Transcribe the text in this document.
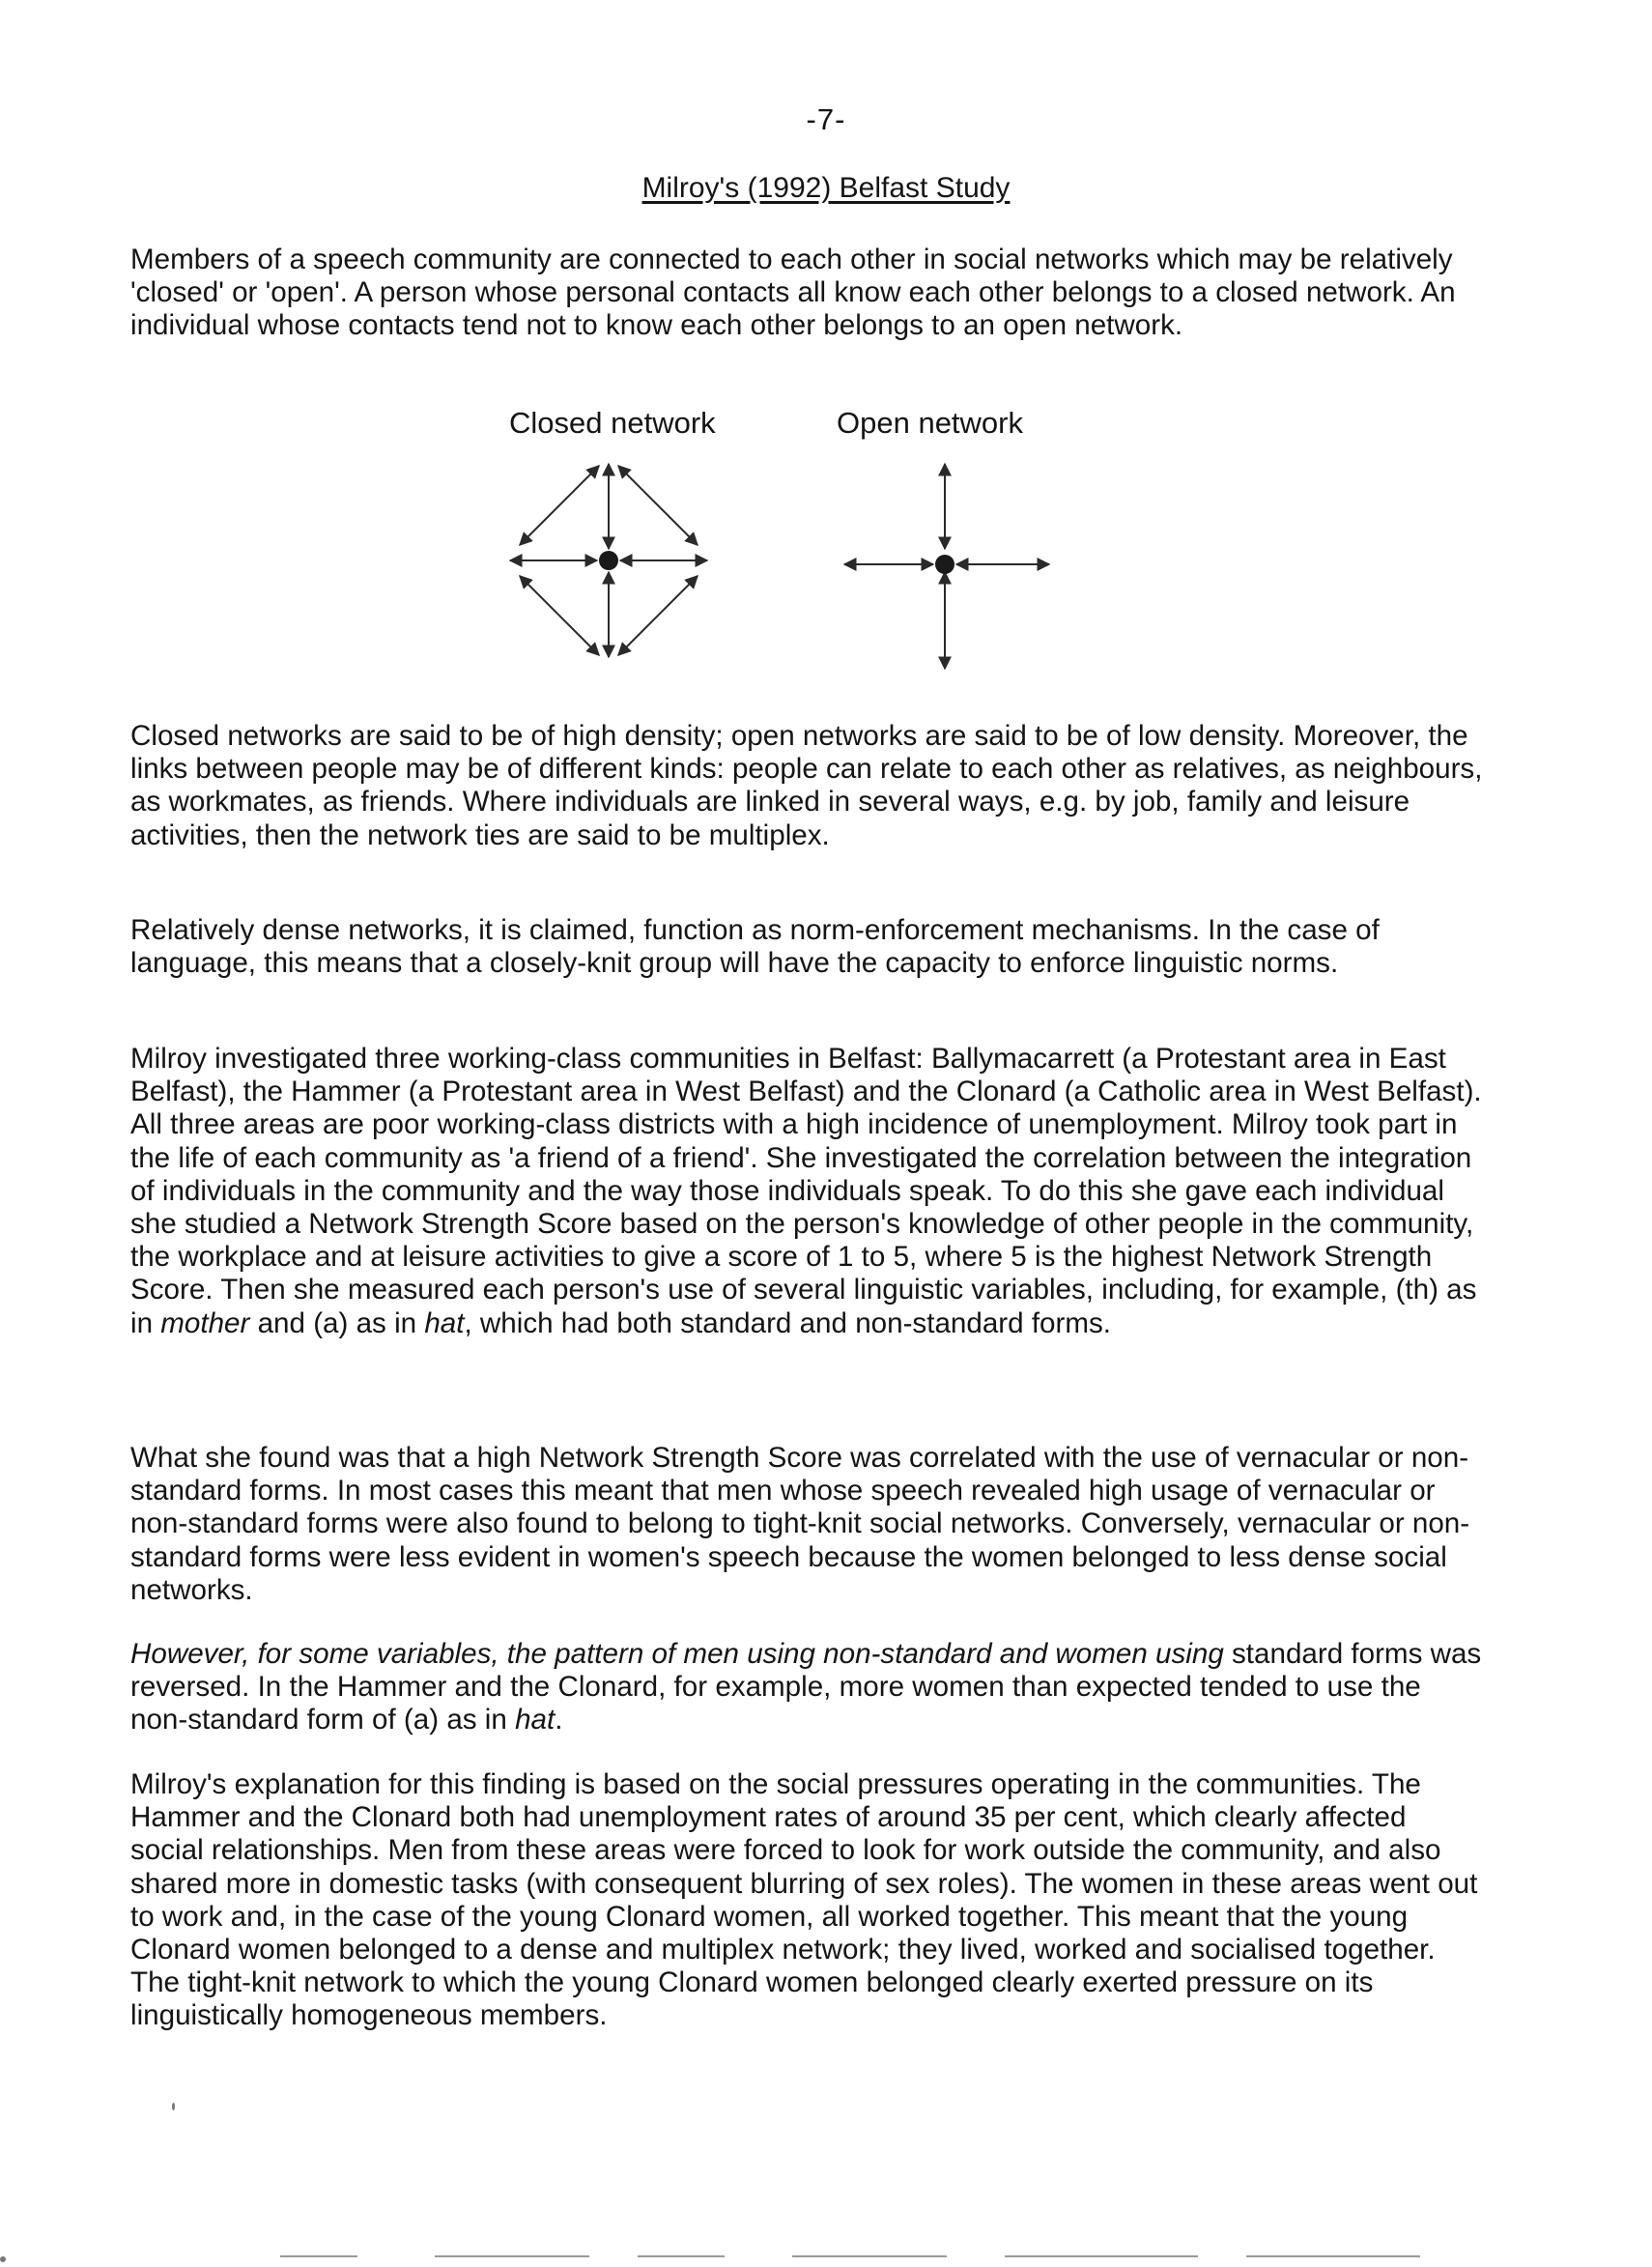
-7-
Milroy's (1992) Belfast Study

Members of a speech community are connected to each other in social networks which may be relatively 'closed' or 'open'. A person whose personal contacts all know each other belongs to a closed network. An individual whose contacts tend not to know each other belongs to an open network.

Closed network	Open network

Closed networks are said to be of high density; open networks are said to be of low density. Moreover, the links between people may be of different kinds: people can relate to each other as relatives, as neighbours, as workmates, as friends. Where individuals are linked in several ways, e.g. by job, family and leisure activities, then the network ties are said to be multiplex.

Relatively dense networks, it is claimed, function as norm-enforcement mechanisms. In the case of language, this means that a closely-knit group will have the capacity to enforce linguistic norms.

Milroy investigated three working-class communities in Belfast: Ballymacarrett (a Protestant area in East Belfast), the Hammer (a Protestant area in West Belfast) and the Clonard (a Catholic area in West Belfast). All three areas are poor working-class districts with a high incidence of unemployment. Milroy took part in the life of each community as 'a friend of a friend'. She investigated the correlation between the integration of individuals in the community and the way those individuals speak. To do this she gave each individual she studied a Network Strength Score based on the person's knowledge of other people in the community, the workplace and at leisure activities to give a score of 1 to 5, where 5 is the highest Network Strength Score. Then she measured each person's use of several linguistic variables, including, for example, (th) as in mother and (a) as in hat, which had both standard and non-standard forms.

What she found was that a high Network Strength Score was correlated with the use of vernacular or non-standard forms. In most cases this meant that men whose speech revealed high usage of vernacular or non-standard forms were also found to belong to tight-knit social networks. Conversely, vernacular or non-standard forms were less evident in women's speech because the women belonged to less dense social networks.

However, for some variables, the pattern of men using non-standard and women using standard forms was reversed. In the Hammer and the Clonard, for example, more women than expected tended to use the non-standard form of (a) as in hat.

Milroy's explanation for this finding is based on the social pressures operating in the communities. The Hammer and the Clonard both had unemployment rates of around 35 per cent, which clearly affected social relationships. Men from these areas were forced to look for work outside the community, and also shared more in domestic tasks (with consequent blurring of sex roles). The women in these areas went out to work and, in the case of the young Clonard women, all worked together. This meant that the young Clonard women belonged to a dense and multiplex network; they lived, worked and socialised together. The tight-knit network to which the young Clonard women belonged clearly exerted pressure on its linguistically homogeneous members.
